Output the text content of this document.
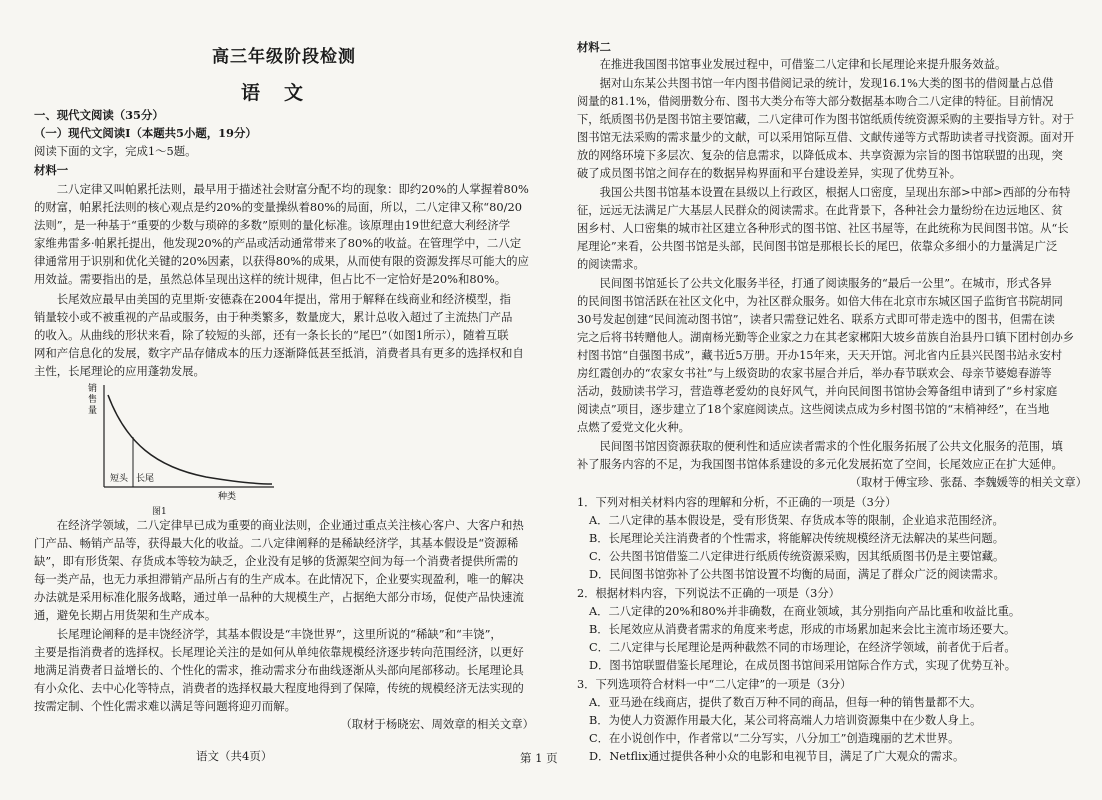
高三年级阶段检测
语文
一、现代文阅读（35分）
（一）现代文阅读Ⅰ（本题共5小题，19分）
阅读下面的文字，完成1～5题。
材料一
　　二八定律又叫帕累托法则，最早用于描述社会财富分配不均的现象：即约20%的人掌握着80%
的财富，帕累托法则的核心观点是约20%的变量操纵着80%的局面，所以，二八定律又称“80/20
法则”，是一种基于“重要的少数与琐碎的多数”原则的量化标准。该原理由19世纪意大利经济学
家维弗雷多·帕累托提出，他发现20%的产品或活动通常带来了80%的收益。在管理学中，二八定
律通常用于识别和优化关键的20%因素，以获得80%的成果，从而使有限的资源发挥尽可能大的应
用效益。需要指出的是，虽然总体呈现出这样的统计规律，但占比不一定恰好是20%和80%。
　　长尾效应最早由美国的克里斯·安德森在2004年提出，常用于解释在线商业和经济模型，指
销量较小或不被重视的产品或服务，由于种类繁多，数量庞大，累计总收入超过了主流热门产品
的收入。从曲线的形状来看，除了较短的头部，还有一条长长的“尾巴”（如图1所示），随着互联
网和产信息化的发展，数字产品存储成本的压力逐渐降低甚至抵消，消费者具有更多的选择权和自
主性，长尾理论的应用蓬勃发展。
销售量
短头 长尾
种类
图1
　　在经济学领域，二八定律早已成为重要的商业法则，企业通过重点关注核心客户、大客户和热
门产品、畅销产品等，获得最大化的收益。二八定律阐释的是稀缺经济学，其基本假设是“资源稀
缺”，即有形货架、存货成本等较为缺乏，企业没有足够的货源架空间为每一个消费者提供所需的
每一类产品，也无力承担滞销产品所占有的生产成本。在此情况下，企业要实现盈利，唯一的解决
办法就是采用标准化服务战略，通过单一品种的大规模生产，占据绝大部分市场，促使产品快速流
通，避免长期占用货架和生产成本。
　　长尾理论阐释的是丰饶经济学，其基本假设是“丰饶世界”，这里所说的“稀缺”和“丰饶”，
主要是指消费者的选择权。长尾理论关注的是如何从单纯依靠规模经济逐步转向范围经济，以更好
地满足消费者日益增长的、个性化的需求，推动需求分布曲线逐渐从头部向尾部移动。长尾理论具
有小众化、去中心化等特点，消费者的选择权最大程度地得到了保障，传统的规模经济无法实现的
按需定制、个性化需求难以满足等问题将迎刃而解。
（取材于杨晓宏、周效章的相关文章）
材料二
　　在推进我国图书馆事业发展过程中，可借鉴二八定律和长尾理论来提升服务效益。
　　据对山东某公共图书馆一年内图书借阅记录的统计，发现16.1%大类的图书的借阅量占总借
阅量的81.1%，借阅册数分布、图书大类分布等大部分数据基本吻合二八定律的特征。目前情况
下，纸质图书仍是图书馆主要馆藏，二八定律可作为图书馆纸质传统资源采购的主要指导方针。对于
图书馆无法采购的需求量少的文献，可以采用馆际互借、文献传递等方式帮助读者寻找资源。面对开
放的网络环境下多层次、复杂的信息需求，以降低成本、共享资源为宗旨的图书馆联盟的出现，突
破了成员图书馆之间存在的数据异构界面和平台建设差异，实现了优势互补。
　　我国公共图书馆基本设置在县级以上行政区，根据人口密度，呈现出东部>中部>西部的分布特
征，远远无法满足广大基层人民群众的阅读需求。在此背景下，各种社会力量纷纷在边远地区、贫
困乡村、人口密集的城市社区建立各种形式的图书馆、社区书屋等，在此统称为民间图书馆。从“长
尾理论”来看，公共图书馆是头部，民间图书馆是那根长长的尾巴，依靠众多细小的力量满足广泛
的阅读需求。
　　民间图书馆延长了公共文化服务半径，打通了阅读服务的“最后一公里”。在城市，形式各异
的民间图书馆活跃在社区文化中，为社区群众服务。如倍大伟在北京市东城区国子监街官书院胡同
30号发起创建“民间流动图书馆”，读者只需登记姓名、联系方式即可带走选中的图书，但需在读
完之后将书转赠他人。湖南杨光勤等企业家之力在其老家郴阳大坡乡苗族自治县丹口镇下团村创办乡
村图书馆“自强图书成”，藏书近5万册。开办15年来，天天开馆。河北省内丘县兴民图书站永安村
房红霞创办的“农家女书社”与上级资助的农家书屋合并后，举办春节联欢会、母亲节婆媳春游等
活动，鼓励读书学习，营造尊老爱幼的良好风气，并向民间图书馆协会筹备组申请到了“乡村家庭
阅读点”项目，逐步建立了18个家庭阅读点。这些阅读点成为乡村图书馆的“末梢神经”，在当地
点燃了爱党文化火种。
　　民间图书馆因资源获取的便利性和适应读者需求的个性化服务拓展了公共文化服务的范围，填
补了服务内容的不足，为我国图书馆体系建设的多元化发展拓宽了空间，长尾效应正在扩大延伸。
（取材于傅宝珍、张磊、李魏媛等的相关文章）
1．下列对相关材料内容的理解和分析，不正确的一项是（3分）
A．二八定律的基本假设是，受有形货架、存货成本等的限制，企业追求范围经济。
B．长尾理论关注消费者的个性需求，将能解决传统规模经济无法解决的某些问题。
C．公共图书馆借鉴二八定律进行纸质传统资源采购，因其纸质图书仍是主要馆藏。
D．民间图书馆弥补了公共图书馆设置不均衡的局面，满足了群众广泛的阅读需求。
2．根据材料内容，下列说法不正确的一项是（3分）
A．二八定律的20%和80%并非确数，在商业领域，其分别指向产品比重和收益比重。
B．长尾效应从消费者需求的角度来考虑，形成的市场累加起来会比主流市场还要大。
C．二八定律与长尾理论是两种截然不同的市场理论，在经济学领域，前者优于后者。
D．图书馆联盟借鉴长尾理论，在成员图书馆间采用馆际合作方式，实现了优势互补。
3．下列选项符合材料一中“二八定律”的一项是（3分）
A．亚马逊在线商店，提供了数百万种不同的商品，但每一种的销售量都不大。
B．为使人力资源作用最大化，某公司将高端人力培训资源集中在少数人身上。
C．在小说创作中，作者常以“二分写实，八分加工”创造瑰丽的艺术世界。
D．Netflix通过提供各种小众的电影和电视节目，满足了广大观众的需求。
语文（共4页）	第 1 页
